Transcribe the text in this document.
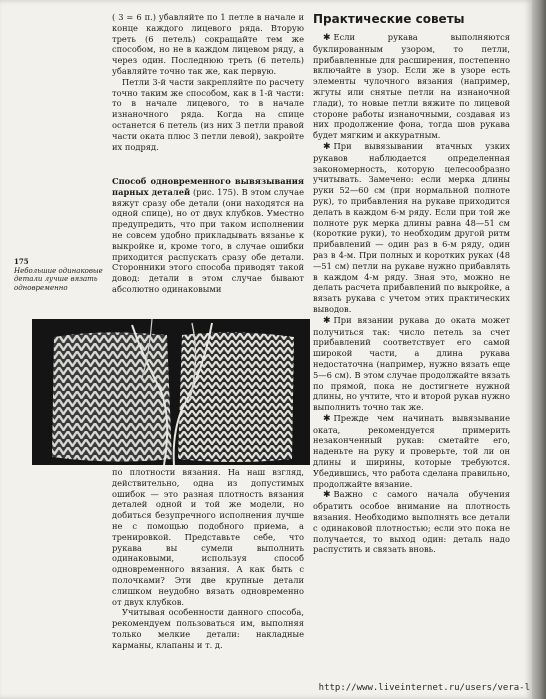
( 3 = 6 п.) убавляйте по 1 петле в начале и конце каждого лицевого ряда. Вторую треть (6 петель) сокращайте тем же способом, но не в каждом лицевом ряду, а через один. Последнюю треть (6 петель) убавляйте точно так же, как первую.

Петли 3-й части закрепляйте по расчету точно таким же способом, как в 1-й части: то в начале лицевого, то в начале изнаночного ряда. Когда на спице останется 6 петель (из них 3 петли правой части оката плюс 3 петли левой), закройте их подряд.

Способ одновременного вывязывания парных деталей (рис. 175). В этом случае вяжут сразу обе детали (они находятся на одной спице), но от двух клубков. Уместно предупредить, что при таком исполнении не совсем удобно прикладывать вязанье к выкройке и, кроме того, в случае ошибки приходится распускать сразу обе детали. Сторонники этого способа приводят такой довод: детали в этом случае бывают абсолютно одинаковыми

175
Небольшие одинаковые детали лучше вязать одновременно

по плотности вязания. На наш взгляд, действительно, одна из допустимых ошибок — это разная плотность вязания деталей одной и той же модели, но добиться безупречного исполнения лучше не с помощью подобного приема, а тренировкой. Представьте себе, что рукава вы сумели выполнить одинаковыми, используя способ одновременного вязания. А как быть с полочками? Эти две крупные детали слишком неудобно вязать одновременно от двух клубков.

Учитывая особенности данного способа, рекомендуем пользоваться им, выполняя только мелкие детали: накладные карманы, клапаны и т. д.

Практические советы

✱ Если рукава выполняются буклированным узором, то петли, прибавленные для расширения, постепенно включайте в узор. Если же в узоре есть элементы чулочного вязания (например, жгуты или снятые петли на изнаночной глади), то новые петли вяжите по лицевой стороне работы изнаночными, создавая из них продолжение фона, тогда шов рукава будет мягким и аккуратным.

✱ При вывязывании втачных узких рукавов наблюдается определенная закономерность, которую целесообразно учитывать. Замечено: если мерка длины руки 52—60 см (при нормальной полноте рук), то прибавления на рукаве приходится делать в каждом 6-м ряду. Если при той же полноте рук мерка длины равна 48—51 см (короткие руки), то необходим другой ритм прибавлений — один раз в 6-м ряду, один раз в 4-м. При полных и коротких руках (48—51 см) петли на рукаве нужно прибавлять в каждом 4-м ряду. Зная это, можно не делать расчета прибавлений по выкройке, а вязать рукава с учетом этих практических выводов.

✱ При вязании рукава до оката может получиться так: число петель за счет прибавлений соответствует его самой широкой части, а длина рукава недостаточна (например, нужно вязать еще 5—6 см). В этом случае продолжайте вязать по прямой, пока не достигнете нужной длины, но учтите, что и второй рукав нужно выполнить точно так же.

✱ Прежде чем начинать вывязывание оката, рекомендуется примерить незаконченный рукав: сметайте его, наденьте на руку и проверьте, той ли он длины и ширины, которые требуются. Убедившись, что работа сделана правильно, продолжайте вязание.

✱ Важно с самого начала обучения обратить особое внимание на плотность вязания. Необходимо выполнять все детали с одинаковой плотностью; если это пока не получается, то выход один: деталь надо распустить и связать вновь.

http://www.liveinternet.ru/users/vera-l
